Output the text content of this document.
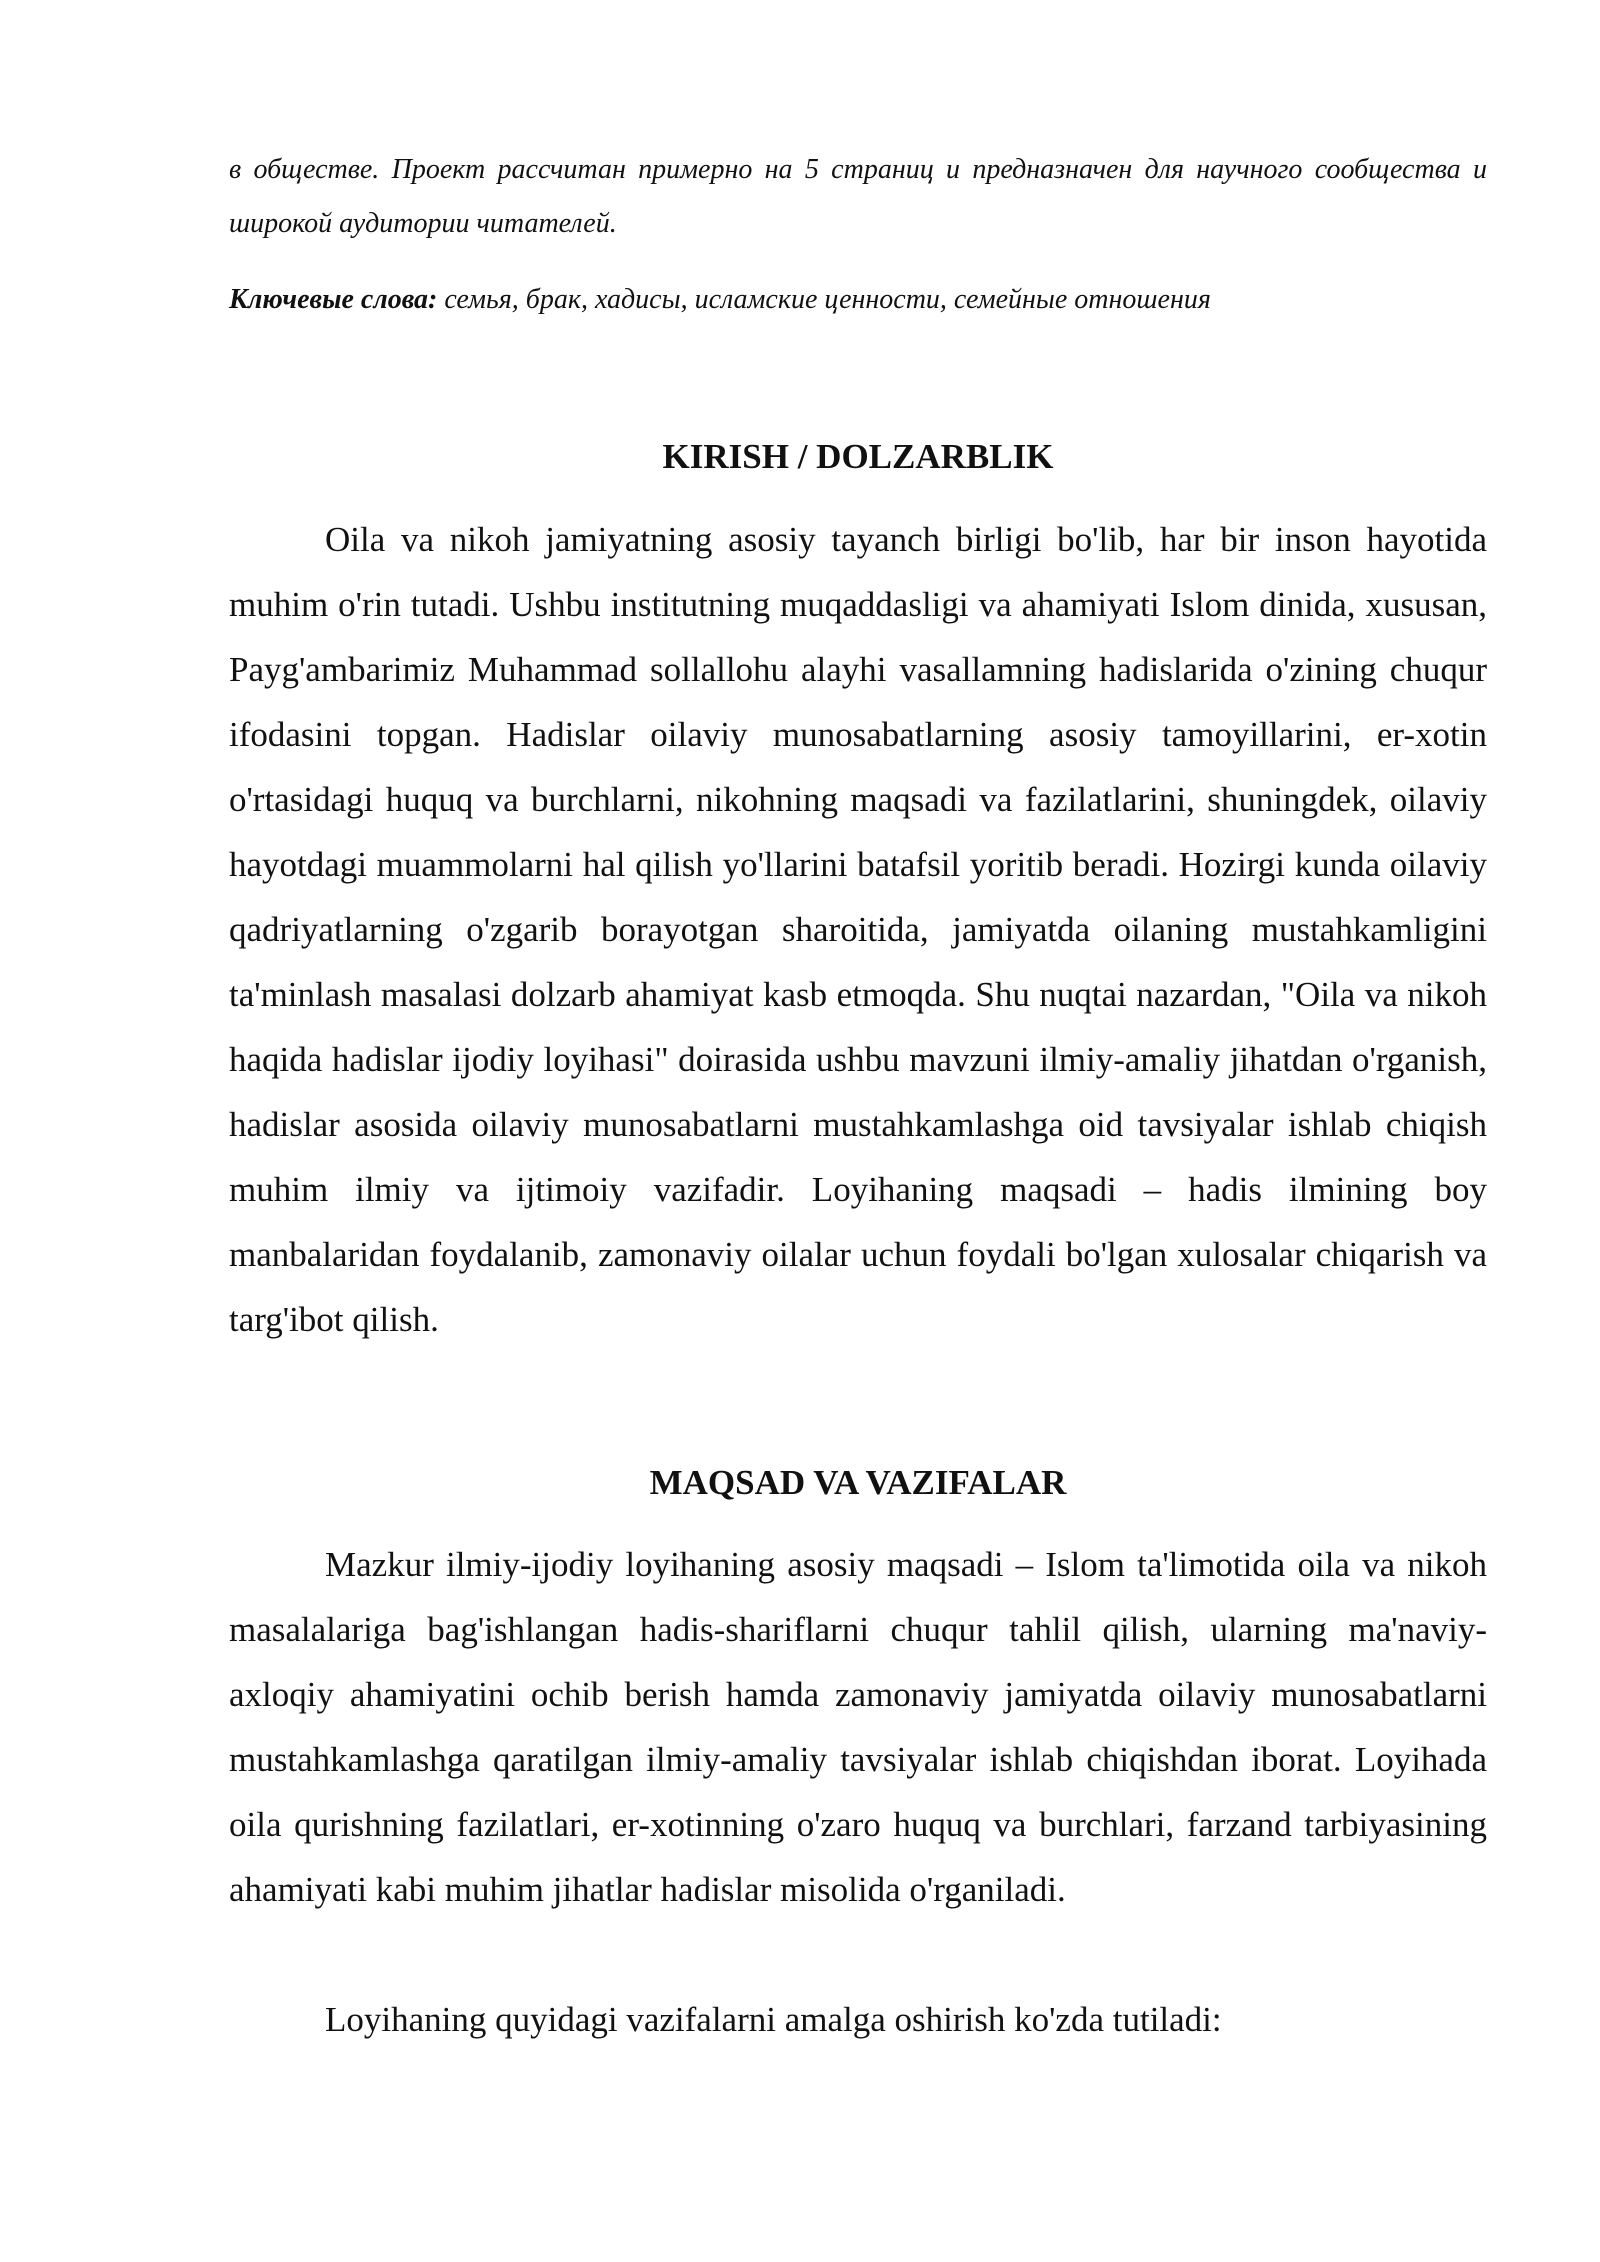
в обществе. Проект рассчитан примерно на 5 страниц и предназначен для научного сообщества и широкой аудитории читателей.

Ключевые слова: семья, брак, хадисы, исламские ценности, семейные отношения

KIRISH / DOLZARBLIK

Oila va nikoh jamiyatning asosiy tayanch birligi bo'lib, har bir inson hayotida muhim o'rin tutadi. Ushbu institutning muqaddasligi va ahamiyati Islom dinida, xususan, Payg'ambarimiz Muhammad sollallohu alayhi vasallamning hadislarida o'zining chuqur ifodasini topgan. Hadislar oilaviy munosabatlarning asosiy tamoyillarini, er-xotin o'rtasidagi huquq va burchlarni, nikohning maqsadi va fazilatlarini, shuningdek, oilaviy hayotdagi muammolarni hal qilish yo'llarini batafsil yoritib beradi. Hozirgi kunda oilaviy qadriyatlarning o'zgarib borayotgan sharoitida, jamiyatda oilaning mustahkamligini ta'minlash masalasi dolzarb ahamiyat kasb etmoqda. Shu nuqtai nazardan, "Oila va nikoh haqida hadislar ijodiy loyihasi" doirasida ushbu mavzuni ilmiy-amaliy jihatdan o'rganish, hadislar asosida oilaviy munosabatlarni mustahkamlashga oid tavsiyalar ishlab chiqish muhim ilmiy va ijtimoiy vazifadir. Loyihaning maqsadi – hadis ilmining boy manbalaridan foydalanib, zamonaviy oilalar uchun foydali bo'lgan xulosalar chiqarish va targ'ibot qilish.

MAQSAD VA VAZIFALAR

Mazkur ilmiy-ijodiy loyihaning asosiy maqsadi – Islom ta'limotida oila va nikoh masalalariga bag'ishlangan hadis-shariflarni chuqur tahlil qilish, ularning ma'naviy-axloqiy ahamiyatini ochib berish hamda zamonaviy jamiyatda oilaviy munosabatlarni mustahkamlashga qaratilgan ilmiy-amaliy tavsiyalar ishlab chiqishdan iborat. Loyihada oila qurishning fazilatlari, er-xotinning o'zaro huquq va burchlari, farzand tarbiyasining ahamiyati kabi muhim jihatlar hadislar misolida o'rganiladi.

Loyihaning quyidagi vazifalarni amalga oshirish ko'zda tutiladi:
